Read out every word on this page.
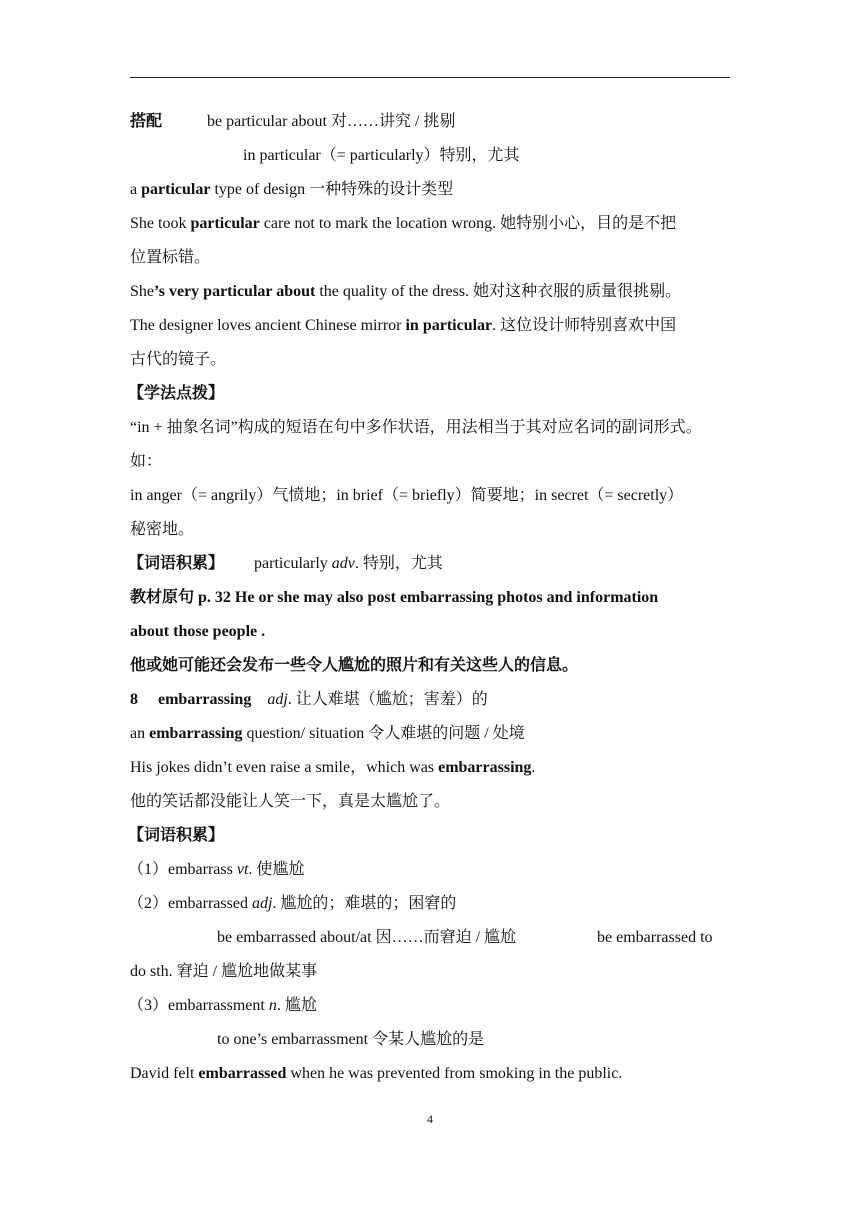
搭配	be particular about 对……讲究 / 挑剔
in particular（= particularly）特别，尤其
a particular type of design 一种特殊的设计类型
She took particular care not to mark the location wrong. 她特别小心，目的是不把
位置标错。
She’s very particular about the quality of the dress. 她对这种衣服的质量很挑剔。
The designer loves ancient Chinese mirror in particular. 这位设计师特别喜欢中国
古代的镜子。
【学法点拨】
“in + 抽象名词”构成的短语在句中多作状语，用法相当于其对应名词的副词形式。
如：
in anger（= angrily）气愤地；in brief（= briefly）简要地；in secret（= secretly）
秘密地。
【词语积累】 particularly adv. 特别，尤其
教材原句 p. 32 He or she may also post embarrassing photos and information
about those people .
他或她可能还会发布一些令人尴尬的照片和有关这些人的信息。
8 embarrassing adj. 让人难堪（尴尬；害羞）的
an embarrassing question/ situation 令人难堪的问题 / 处境
His jokes didn’t even raise a smile，which was embarrassing.
他的笑话都没能让人笑一下，真是太尴尬了。
【词语积累】
（1）embarrass vt. 使尴尬
（2）embarrassed adj. 尴尬的；难堪的；困窘的
be embarrassed about/at 因……而窘迫 / 尴尬	be embarrassed to
do sth. 窘迫 / 尴尬地做某事
（3）embarrassment n. 尴尬
to one’s embarrassment 令某人尴尬的是
David felt embarrassed when he was prevented from smoking in the public.
4
